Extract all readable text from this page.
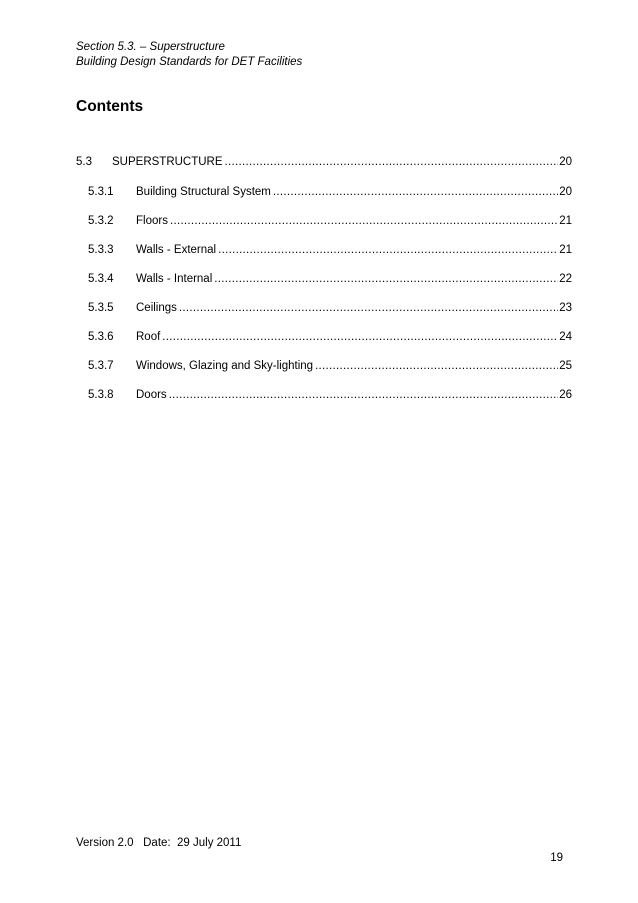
Section 5.3. – Superstructure
Building Design Standards for DET Facilities
Contents
5.3	SUPERSTRUCTURE .....	20
5.3.1	Building Structural System .....	20
5.3.2	Floors .....	21
5.3.3	Walls - External .....	21
5.3.4	Walls - Internal .....	22
5.3.5	Ceilings .....	23
5.3.6	Roof .....	24
5.3.7	Windows, Glazing and Sky-lighting .....	25
5.3.8	Doors .....	26
Version 2.0   Date:  29 July 2011
19
